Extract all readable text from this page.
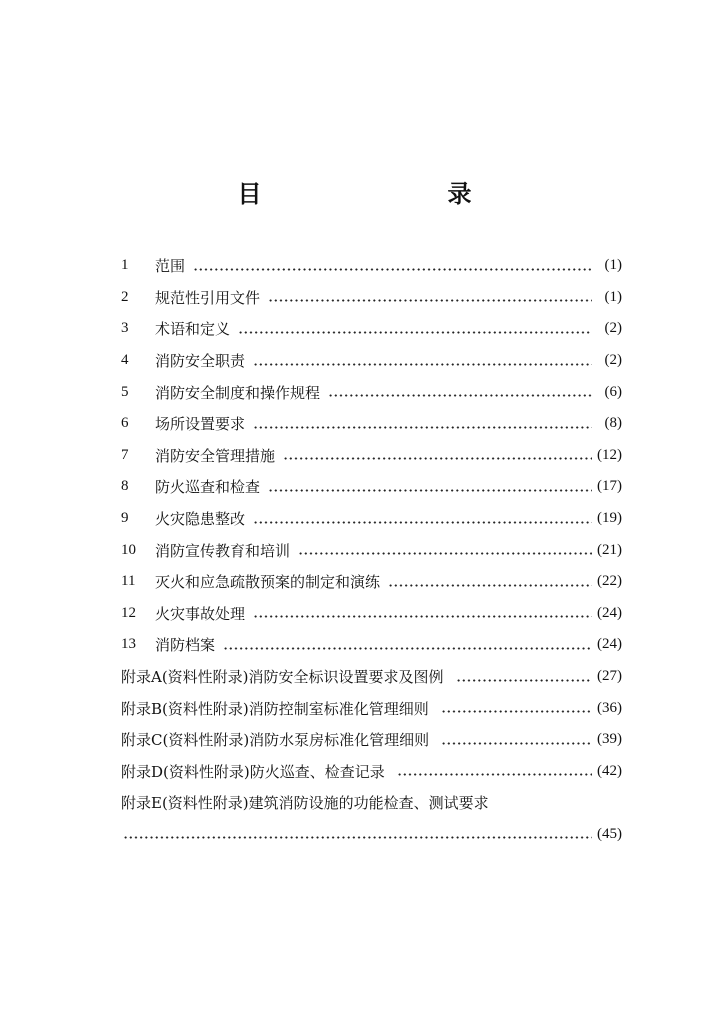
目　　录
1	范围	(1)
2	规范性引用文件	(1)
3	术语和定义	(2)
4	消防安全职责	(2)
5	消防安全制度和操作规程	(6)
6	场所设置要求	(8)
7	消防安全管理措施	(12)
8	防火巡查和检查	(17)
9	火灾隐患整改	(19)
10	消防宣传教育和培训	(21)
11	灭火和应急疏散预案的制定和演练	(22)
12	火灾事故处理	(24)
13	消防档案	(24)
附录A(资料性附录)消防安全标识设置要求及图例	(27)
附录B(资料性附录)消防控制室标准化管理细则	(36)
附录C(资料性附录)消防水泵房标准化管理细则	(39)
附录D(资料性附录)防火巡查、检查记录	(42)
附录E(资料性附录)建筑消防设施的功能检查、测试要求
(45)
